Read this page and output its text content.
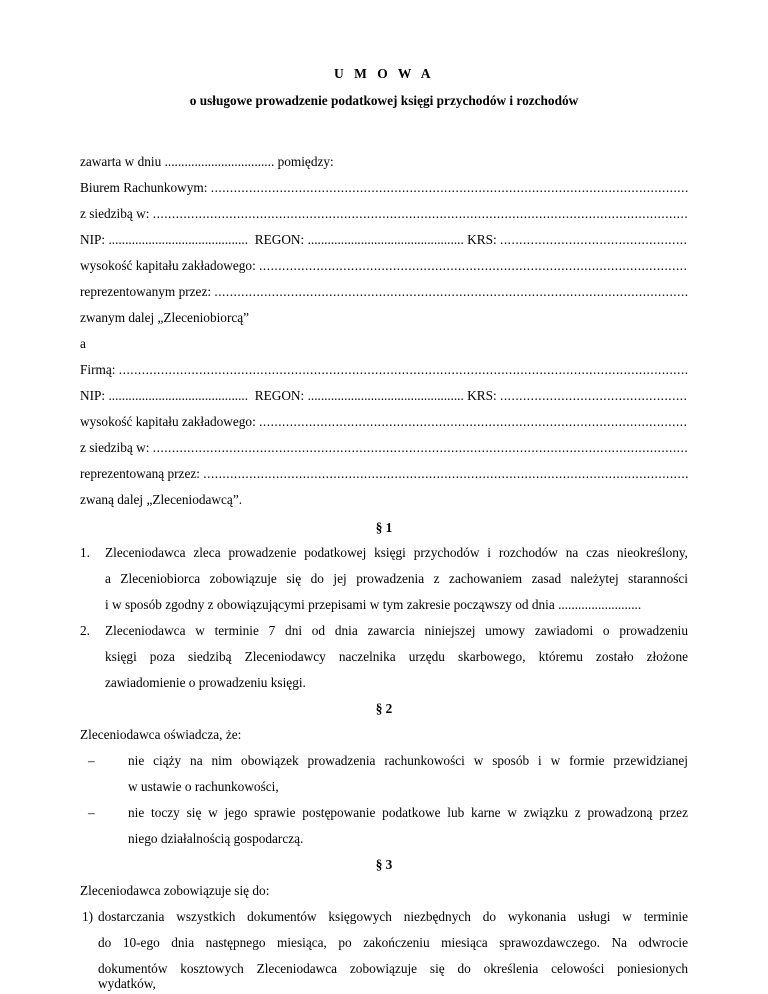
U M O W A
o usługowe prowadzenie podatkowej księgi przychodów i rozchodów
zawarta w dniu ................................. pomiędzy:
Biurem Rachunkowym:

.....
z siedzibą w:

.....
NIP:
..........................................
REGON:
...............................................
KRS:

.....
wysokość kapitału zakładowego:

.....
reprezentowanym przez:

.....
zwanym dalej „Zleceniobiorcą”
a
Firmą:

.....
NIP:
..........................................
REGON:
...............................................
KRS:

.....
wysokość kapitału zakładowego:

.....
z siedzibą w:

.....
reprezentowaną przez:

.....
zwaną dalej „Zleceniodawcą”.
§ 1
1.	Zleceniodawca zleca prowadzenie podatkowej księgi przychodów i rozchodów na czas nieokreślony,
a Zleceniobiorca zobowiązuje się do jej prowadzenia z zachowaniem zasad należytej staranności
i w sposób zgodny z obowiązującymi przepisami w tym zakresie począwszy od dnia .........................
2.	Zleceniodawca w terminie 7 dni od dnia zawarcia niniejszej umowy zawiadomi o prowadzeniu
księgi poza siedzibą Zleceniodawcy naczelnika urzędu skarbowego, któremu zostało złożone
zawiadomienie o prowadzeniu księgi.
§ 2
Zleceniodawca oświadcza, że:
–	nie ciąży na nim obowiązek prowadzenia rachunkowości w sposób i w formie przewidzianej
w ustawie o rachunkowości,
–	nie toczy się w jego sprawie postępowanie podatkowe lub karne w związku z prowadzoną przez
niego działalnością gospodarczą.
§ 3
Zleceniodawca zobowiązuje się do:
1) dostarczania wszystkich dokumentów księgowych niezbędnych do wykonania usługi w terminie
do 10-ego dnia następnego miesiąca, po zakończeniu miesiąca sprawozdawczego. Na odwrocie
dokumentów kosztowych Zleceniodawca zobowiązuje się do określenia celowości poniesionych
wydatków,
